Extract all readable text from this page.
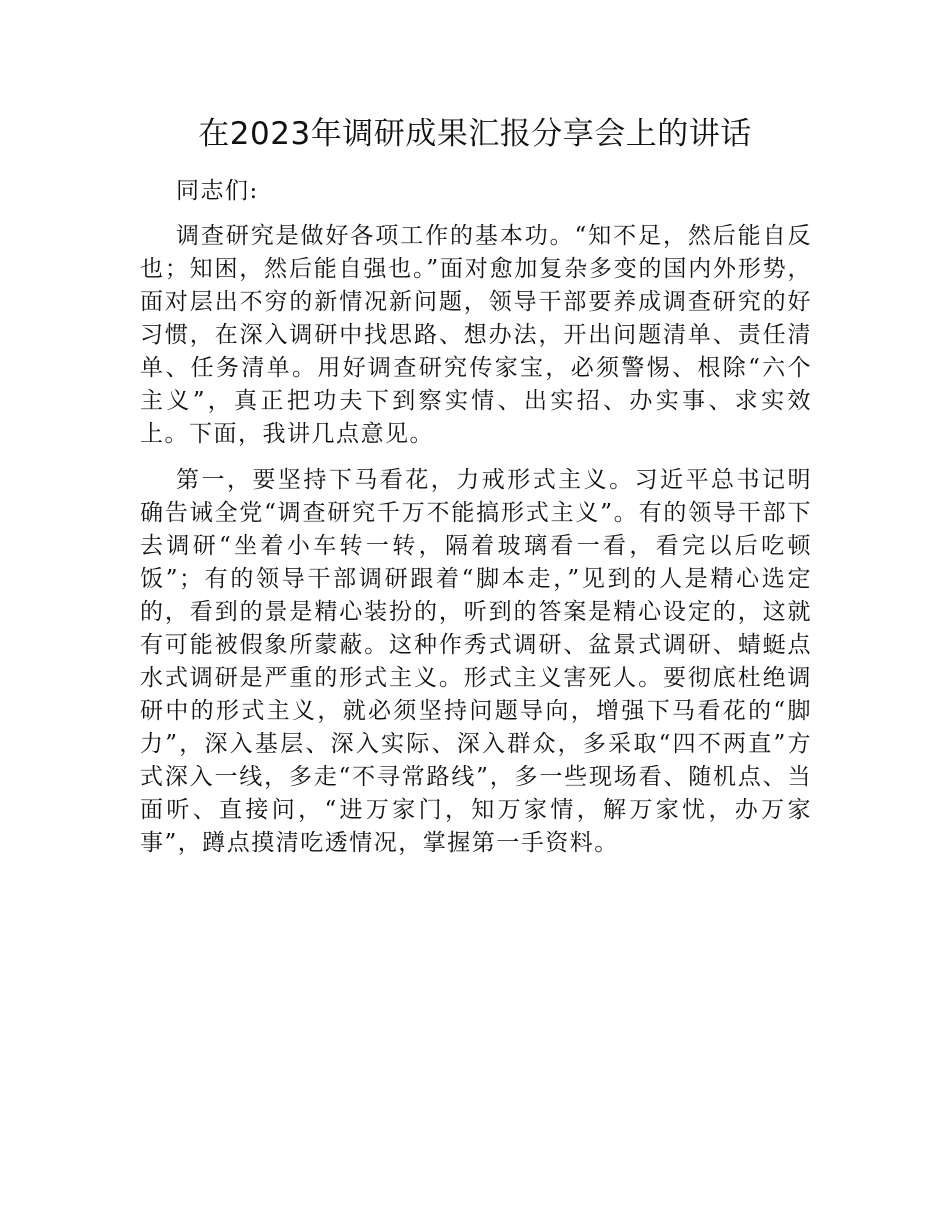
在2023年调研成果汇报分享会上的讲话

同志们:

调查研究是做好各项工作的基本功。“知不足，然后能自反也；知困，然后能自强也。”面对愈加复杂多变的国内外形势，面对层出不穷的新情况新问题，领导干部要养成调查研究的好习惯，在深入调研中找思路、想办法，开出问题清单、责任清单、任务清单。用好调查研究传家宝，必须警惕、根除“六个主义”，真正把功夫下到察实情、出实招、办实事、求实效上。下面，我讲几点意见。

第一，要坚持下马看花，力戒形式主义。习近平总书记明确告诫全党“调查研究千万不能搞形式主义”。有的领导干部下去调研“坐着小车转一转，隔着玻璃看一看，看完以后吃顿饭”；有的领导干部调研跟着“脚本走，”见到的人是精心选定的，看到的景是精心装扮的，听到的答案是精心设定的，这就有可能被假象所蒙蔽。这种作秀式调研、盆景式调研、蜻蜓点水式调研是严重的形式主义。形式主义害死人。要彻底杜绝调研中的形式主义，就必须坚持问题导向，增强下马看花的“脚力”，深入基层、深入实际、深入群众，多采取“四不两直”方式深入一线，多走“不寻常路线”，多一些现场看、随机点、当面听、直接问，“进万家门，知万家情，解万家忧，办万家事”，蹲点摸清吃透情况，掌握第一手资料。
